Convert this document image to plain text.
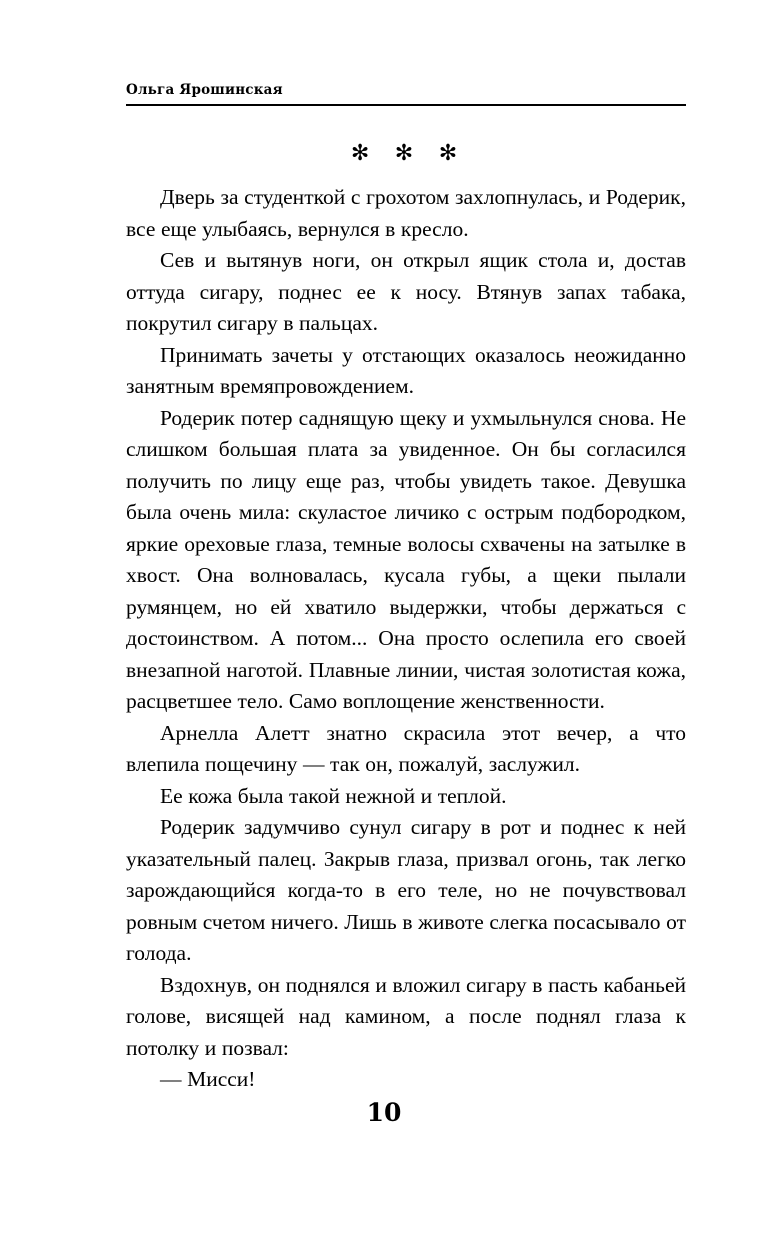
Ольга Ярошинская
✻ ✻ ✻

Дверь за студенткой с грохотом захлопнулась, и Родерик, все еще улыбаясь, вернулся в кресло.

Сев и вытянув ноги, он открыл ящик стола и, достав оттуда сигару, поднес ее к носу. Втянув запах табака, покрутил сигару в пальцах.

Принимать зачеты у отстающих оказалось неожиданно занятным времяпровождением.

Родерик потер саднящую щеку и ухмыльнулся снова. Не слишком большая плата за увиденное. Он бы согласился получить по лицу еще раз, чтобы увидеть такое. Девушка была очень мила: скуластое личико с острым подбородком, яркие ореховые глаза, темные волосы схвачены на затылке в хвост. Она волновалась, кусала губы, а щеки пылали румянцем, но ей хватило выдержки, чтобы держаться с достоинством. А потом... Она просто ослепила его своей внезапной наготой. Плавные линии, чистая золотистая кожа, расцветшее тело. Само воплощение женственности.

Арнелла Алетт знатно скрасила этот вечер, а что влепила пощечину — так он, пожалуй, заслужил.

Ее кожа была такой нежной и теплой.

Родерик задумчиво сунул сигару в рот и поднес к ней указательный палец. Закрыв глаза, призвал огонь, так легко зарождающийся когда-то в его теле, но не почувствовал ровным счетом ничего. Лишь в животе слегка посасывало от голода.

Вздохнув, он поднялся и вложил сигару в пасть кабаньей голове, висящей над камином, а после поднял глаза к потолку и позвал:

— Мисси!

10
